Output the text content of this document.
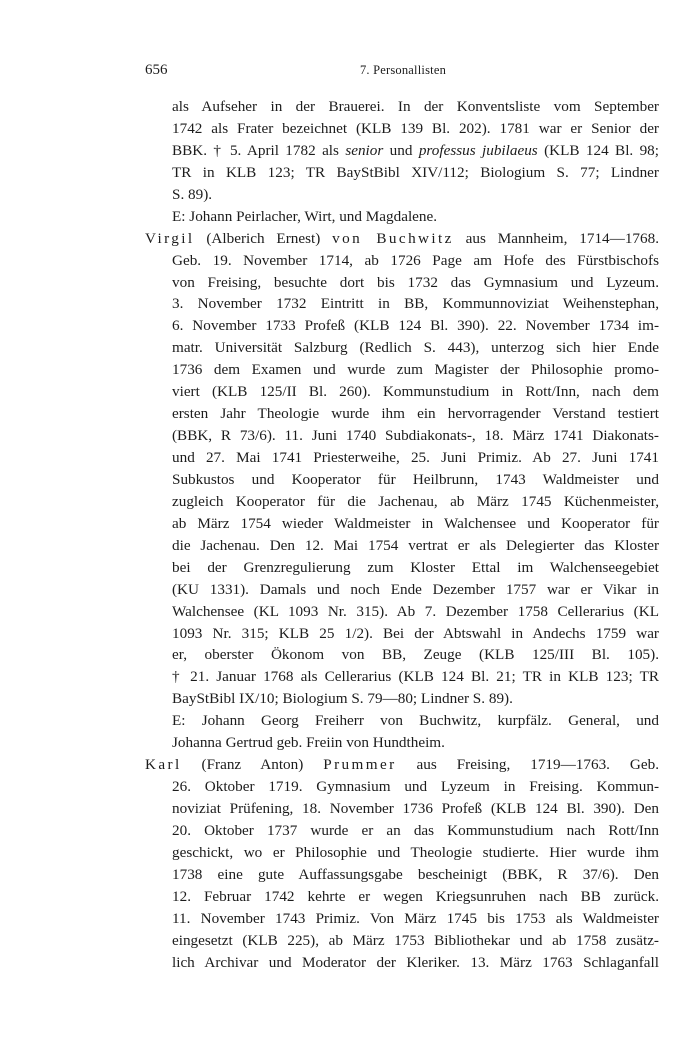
656	7. Personallisten
als Aufseher in der Brauerei. In der Konventsliste vom September
1742 als Frater bezeichnet (KLB 139 Bl. 202). 1781 war er Senior der
BBK. † 5. April 1782 als senior und professus jubilaeus (KLB 124 Bl. 98;
TR in KLB 123; TR BayStBibl XIV/112; Biologium S. 77; Lindner
S. 89).
E: Johann Peirlacher, Wirt, und Magdalene.
Virgil (Alberich Ernest) von Buchwitz aus Mannheim, 1714—1768.
Geb. 19. November 1714, ab 1726 Page am Hofe des Fürstbischofs
von Freising, besuchte dort bis 1732 das Gymnasium und Lyzeum.
3. November 1732 Eintritt in BB, Kommunnoviziat Weihenstephan,
6. November 1733 Profeß (KLB 124 Bl. 390). 22. November 1734 im-
matr. Universität Salzburg (Redlich S. 443), unterzog sich hier Ende
1736 dem Examen und wurde zum Magister der Philosophie promo-
viert (KLB 125/II Bl. 260). Kommunstudium in Rott/Inn, nach dem
ersten Jahr Theologie wurde ihm ein hervorragender Verstand testiert
(BBK, R 73/6). 11. Juni 1740 Subdiakonats-, 18. März 1741 Diakonats-
und 27. Mai 1741 Priesterweihe, 25. Juni Primiz. Ab 27. Juni 1741
Subkustos und Kooperator für Heilbrunn, 1743 Waldmeister und
zugleich Kooperator für die Jachenau, ab März 1745 Küchenmeister,
ab März 1754 wieder Waldmeister in Walchensee und Kooperator für
die Jachenau. Den 12. Mai 1754 vertrat er als Delegierter das Kloster
bei der Grenzregulierung zum Kloster Ettal im Walchenseegebiet
(KU 1331). Damals und noch Ende Dezember 1757 war er Vikar in
Walchensee (KL 1093 Nr. 315). Ab 7. Dezember 1758 Cellerarius (KL
1093 Nr. 315; KLB 25 1/2). Bei der Abtswahl in Andechs 1759 war
er, oberster Ökonom von BB, Zeuge (KLB 125/III Bl. 105).
† 21. Januar 1768 als Cellerarius (KLB 124 Bl. 21; TR in KLB 123; TR
BayStBibl IX/10; Biologium S. 79—80; Lindner S. 89).
E: Johann Georg Freiherr von Buchwitz, kurpfälz. General, und
Johanna Gertrud geb. Freiin von Hundtheim.
Karl (Franz Anton) Prummer aus Freising, 1719—1763. Geb.
26. Oktober 1719. Gymnasium und Lyzeum in Freising. Kommun-
noviziat Prüfening, 18. November 1736 Profeß (KLB 124 Bl. 390). Den
20. Oktober 1737 wurde er an das Kommunstudium nach Rott/Inn
geschickt, wo er Philosophie und Theologie studierte. Hier wurde ihm
1738 eine gute Auffassungsgabe bescheinigt (BBK, R 37/6). Den
12. Februar 1742 kehrte er wegen Kriegsunruhen nach BB zurück.
11. November 1743 Primiz. Von März 1745 bis 1753 als Waldmeister
eingesetzt (KLB 225), ab März 1753 Bibliothekar und ab 1758 zusätz-
lich Archivar und Moderator der Kleriker. 13. März 1763 Schlaganfall
